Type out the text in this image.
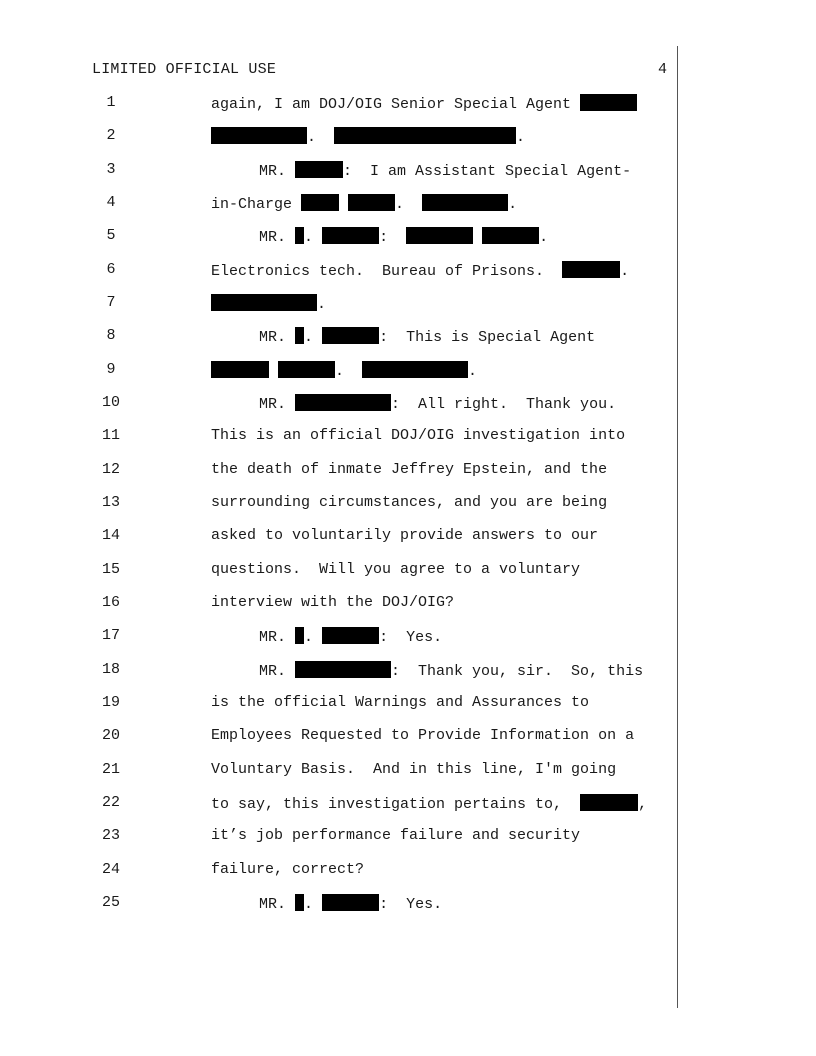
LIMITED OFFICIAL USE	4
1	again, I am DOJ/OIG Senior Special Agent
2	.	.
3	MR.	:  I am Assistant Special Agent-
4	in-Charge	.	.
5	MR. .	:	.
6	Electronics tech.  Bureau of Prisons.	.
7	.
8	MR. .	:  This is Special Agent
9	.	.
10	MR.	:  All right.  Thank you.
11	This is an official DOJ/OIG investigation into
12	the death of inmate Jeffrey Epstein, and the
13	surrounding circumstances, and you are being
14	asked to voluntarily provide answers to our
15	questions.  Will you agree to a voluntary
16	interview with the DOJ/OIG?
17	MR. .	:  Yes.
18	MR.	:  Thank you, sir.  So, this
19	is the official Warnings and Assurances to
20	Employees Requested to Provide Information on a
21	Voluntary Basis.  And in this line, I'm going
22	to say, this investigation pertains to,	,
23	it’s job performance failure and security
24	failure, correct?
25	MR. .	:  Yes.
